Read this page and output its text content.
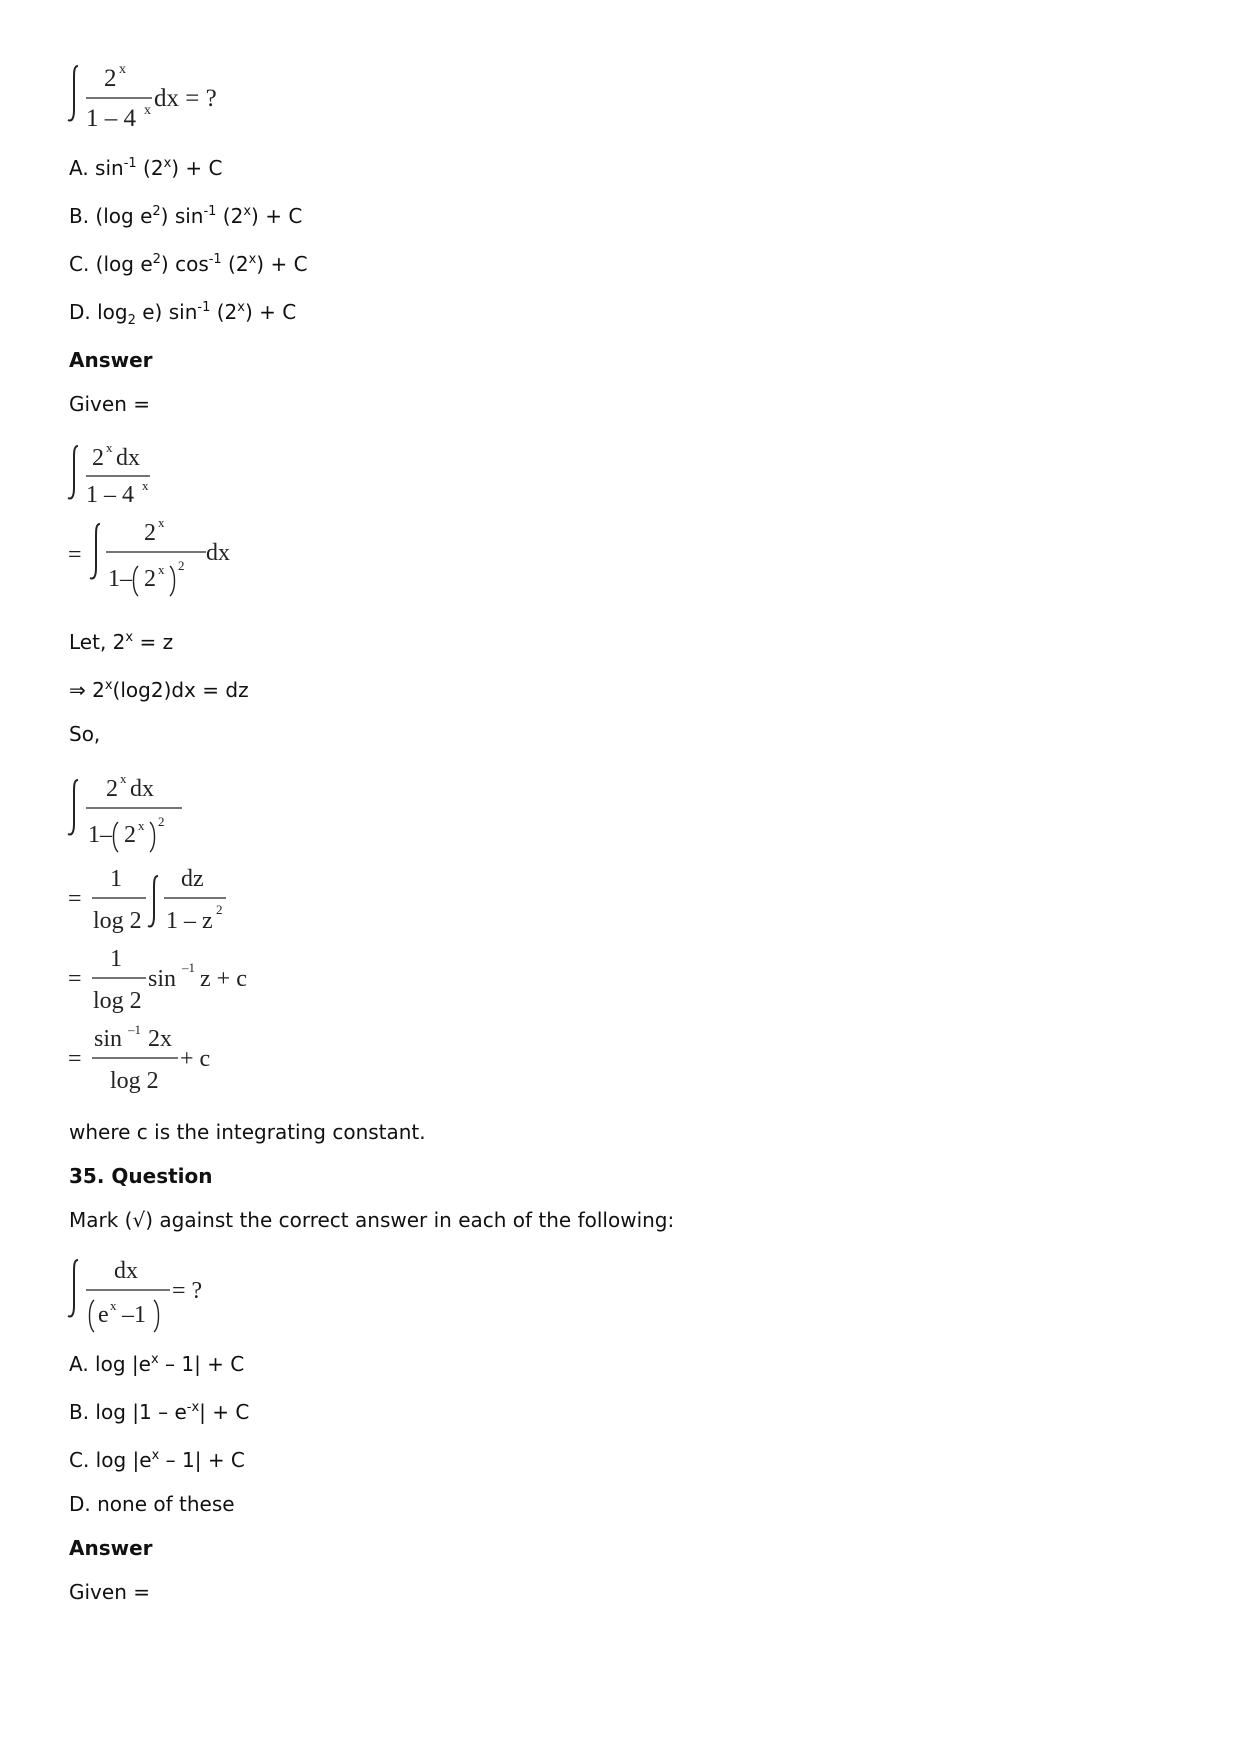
2 x
1 – 4 x dx = ?
A. $\sin^{-1} (2^x) + C$
B. (log $e^2$) $\sin^{-1} (2^x) + C$
C. (log $e^2$) $\cos^{-1} (2^x) + C$
D. $\log_2 e$) $\sin^{-1} (2^x) + C$
Answer
Given =
2 x dx
1 – 4 x
=
2 x
1– 2 x 2 dx
Let, $2^x = z$
⇒ $2^x(\log 2)dx$ = dz
So,
2 x dx
1– 2 x 2
=
1
log 2
dz
1 – z 2
=
1
log 2
sin –1 z + c
=
sin –1 2x
log 2
+ c
where c is the integrating constant.
35. Question
Mark (√) against the correct answer in each of the following:
dx
e x –1
= ?
A. $\log |e^x - 1| + C$
B. $\log |1 - e^{-x}| + C$
C. $\log |e^x - 1| + C$
D. none of these
Answer
Given =
